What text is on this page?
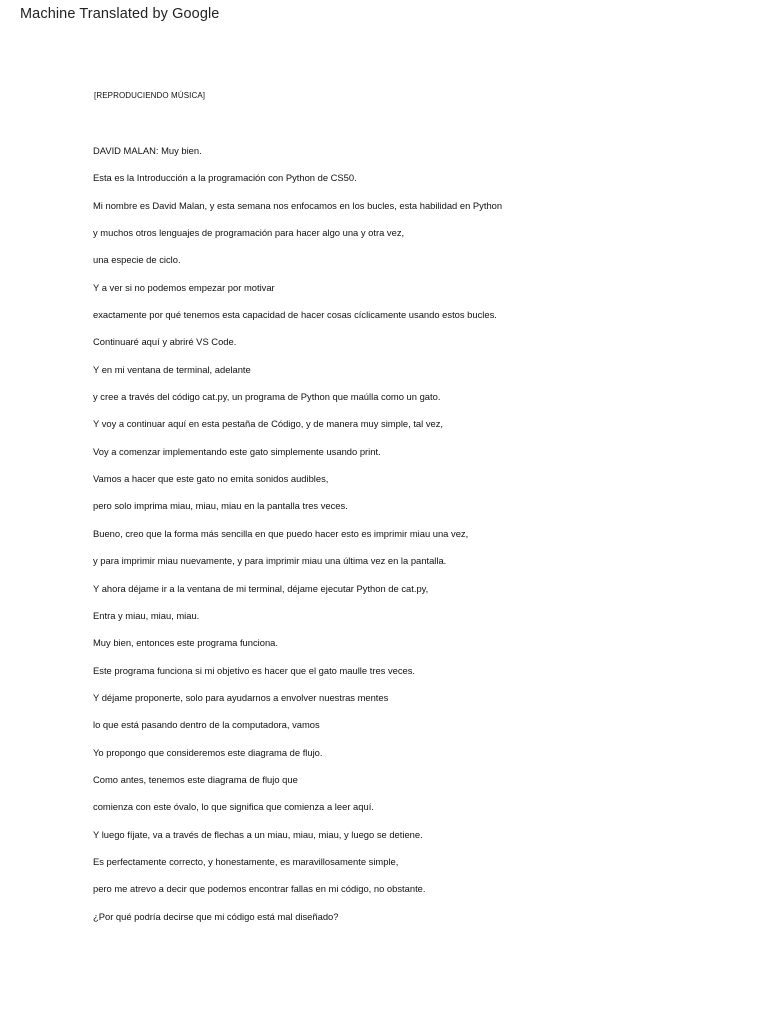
Machine Translated by Google
[REPRODUCIENDO MÚSICA]
DAVID MALAN: Muy bien.
Esta es la Introducción a la programación con Python de CS50.
Mi nombre es David Malan, y esta semana nos enfocamos en los bucles, esta habilidad en Python
y muchos otros lenguajes de programación para hacer algo una y otra vez,
una especie de ciclo.
Y a ver si no podemos empezar por motivar
exactamente por qué tenemos esta capacidad de hacer cosas cíclicamente usando estos bucles.
Continuaré aquí y abriré VS Code.
Y en mi ventana de terminal, adelante
y cree a través del código cat.py, un programa de Python que maúlla como un gato.
Y voy a continuar aquí en esta pestaña de Código, y de manera muy simple, tal vez,
Voy a comenzar implementando este gato simplemente usando print.
Vamos a hacer que este gato no emita sonidos audibles,
pero solo imprima miau, miau, miau en la pantalla tres veces.
Bueno, creo que la forma más sencilla en que puedo hacer esto es imprimir miau una vez,
y para imprimir miau nuevamente, y para imprimir miau una última vez en la pantalla.
Y ahora déjame ir a la ventana de mi terminal, déjame ejecutar Python de cat.py,
Entra y miau, miau, miau.
Muy bien, entonces este programa funciona.
Este programa funciona si mi objetivo es hacer que el gato maulle tres veces.
Y déjame proponerte, solo para ayudarnos a envolver nuestras mentes
lo que está pasando dentro de la computadora, vamos
Yo propongo que consideremos este diagrama de flujo.
Como antes, tenemos este diagrama de flujo que
comienza con este óvalo, lo que significa que comienza a leer aquí.
Y luego fíjate, va a través de flechas a un miau, miau, miau, y luego se detiene.
Es perfectamente correcto, y honestamente, es maravillosamente simple,
pero me atrevo a decir que podemos encontrar fallas en mi código, no obstante.
¿Por qué podría decirse que mi código está mal diseñado?
